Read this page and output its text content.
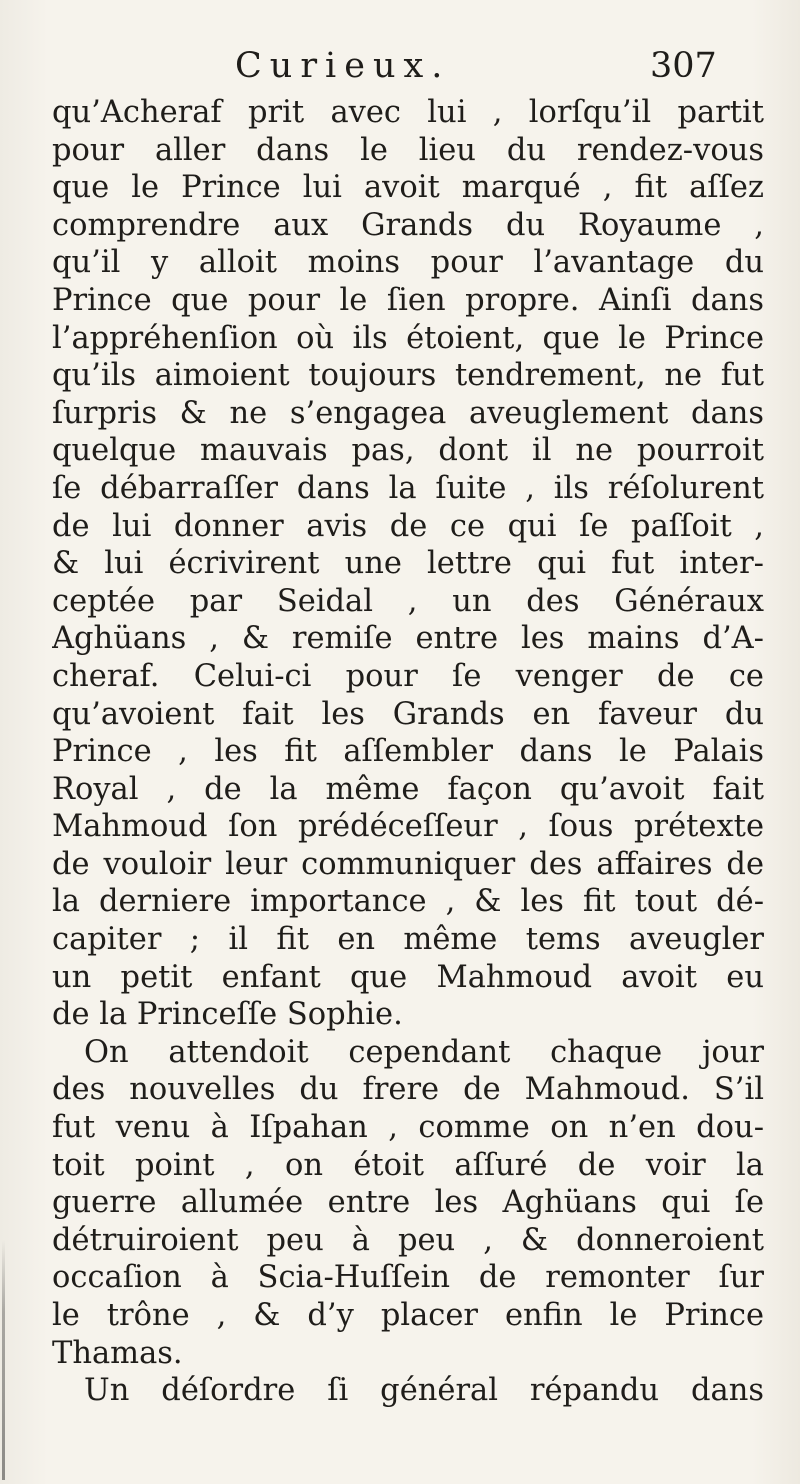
Curieux.	307
qu’Acheraf prit avec lui , lorſqu’il partit
pour aller dans le lieu du rendez-vous
que le Prince lui avoit marqué , fit aſſez
comprendre aux Grands du Royaume ,
qu’il y alloit moins pour l’avantage du
Prince que pour le ſien propre. Ainſi dans
l’appréhenſion où ils étoient, que le Prince
qu’ils aimoient toujours tendrement, ne fut
ſurpris & ne s’engagea aveuglement dans
quelque mauvais pas, dont il ne pourroit
ſe débarraſſer dans la ſuite , ils réſolurent
de lui donner avis de ce qui ſe paſſoit ,
& lui écrivirent une lettre qui fut inter-
ceptée par Seidal , un des Généraux
Aghüans , & remiſe entre les mains d’A-
cheraf. Celui-ci pour ſe venger de ce
qu’avoient fait les Grands en faveur du
Prince , les fit aſſembler dans le Palais
Royal , de la même façon qu’avoit fait
Mahmoud ſon prédéceſſeur , ſous prétexte
de vouloir leur communiquer des affaires de
la derniere importance , & les fit tout dé-
capiter ; il fit en même tems aveugler
un petit enfant que Mahmoud avoit eu
de la Princeſſe Sophie.
On attendoit cependant chaque jour
des nouvelles du frere de Mahmoud. S’il
fut venu à Iſpahan , comme on n’en dou-
toit point , on étoit aſſuré de voir la
guerre allumée entre les Aghüans qui ſe
détruiroient peu à peu , & donneroient
occaſion à Scia-Huſſein de remonter ſur
le trône , & d’y placer enfin le Prince
Thamas.
Un déſordre ſi général répandu dans
